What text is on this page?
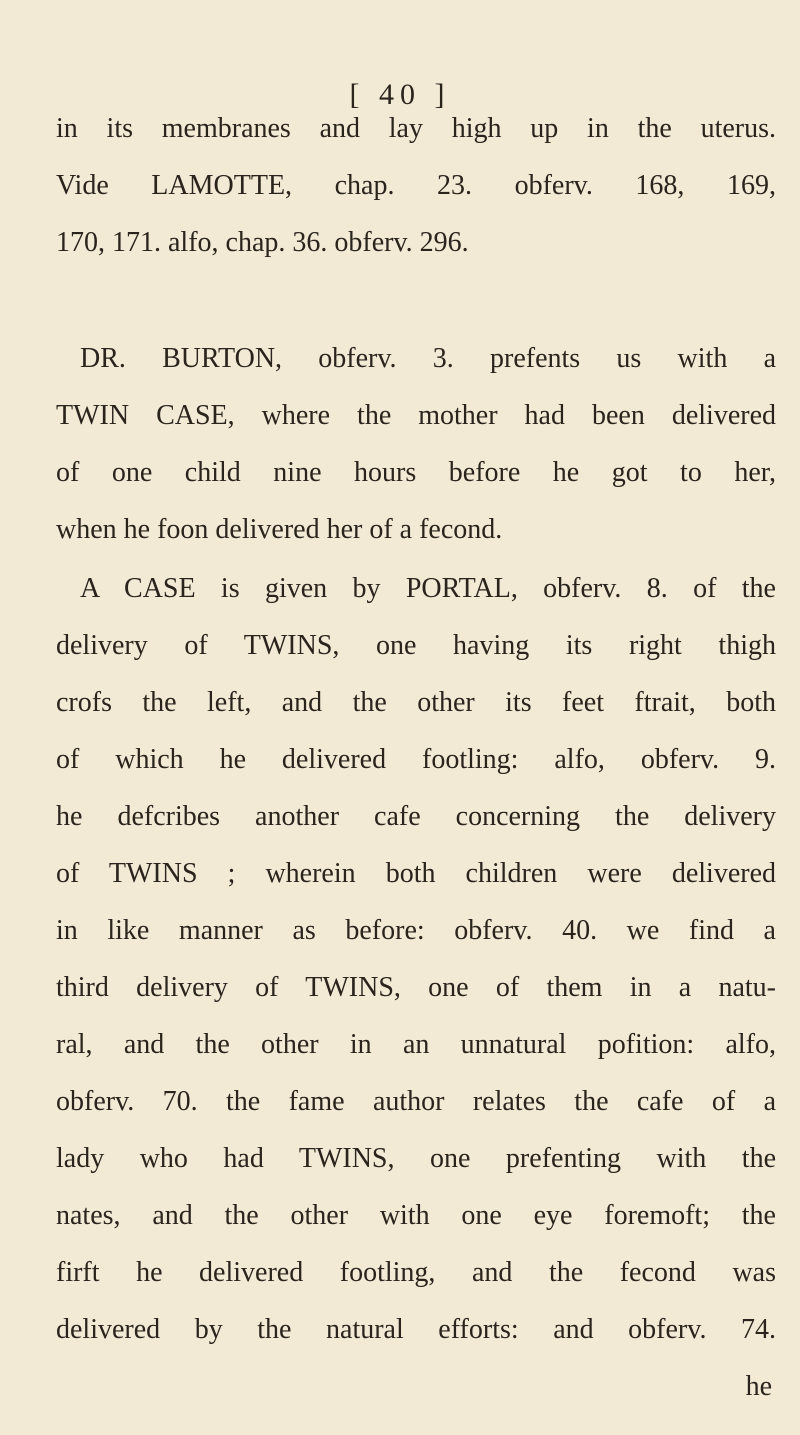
[ 40 ]
in its membranes and lay high up in the uterus.
Vide LAMOTTE, chap. 23. obferv. 168, 169,
170, 171. alfo, chap. 36. obferv. 296.
DR. BURTON, obferv. 3. prefents us with a
TWIN CASE, where the mother had been delivered
of one child nine hours before he got to her,
when he foon delivered her of a fecond.
A CASE is given by PORTAL, obferv. 8. of the
delivery of TWINS, one having its right thigh
crofs the left, and the other its feet ftrait, both
of which he delivered footling: alfo, obferv. 9.
he defcribes another cafe concerning the delivery
of TWINS ; wherein both children were delivered
in like manner as before: obferv. 40. we find a
third delivery of TWINS, one of them in a natu-
ral, and the other in an unnatural pofition: alfo,
obferv. 70. the fame author relates the cafe of a
lady who had TWINS, one prefenting with the
nates, and the other with one eye foremoft; the
firft he delivered footling, and the fecond was
delivered by the natural efforts: and obferv. 74.
he
